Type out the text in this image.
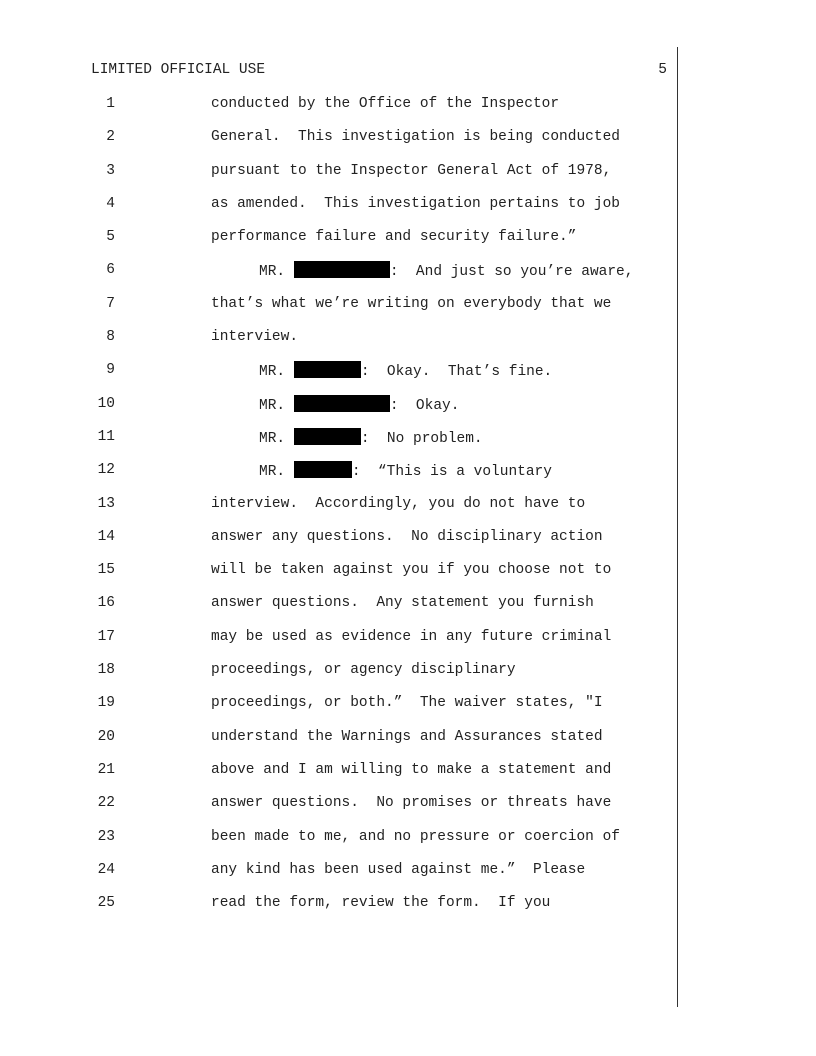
LIMITED OFFICIAL USE	5
1	conducted by the Office of the Inspector
2	General.  This investigation is being conducted
3	pursuant to the Inspector General Act of 1978,
4	as amended.  This investigation pertains to job
5	performance failure and security failure.”
6	MR.	:  And just so you’re aware,
7	that’s what we’re writing on everybody that we
8	interview.
9	MR.	:  Okay.  That’s fine.
10	MR.	:  Okay.
11	MR.	:  No problem.
12	MR.	:  “This is a voluntary
13	interview.  Accordingly, you do not have to
14	answer any questions.  No disciplinary action
15	will be taken against you if you choose not to
16	answer questions.  Any statement you furnish
17	may be used as evidence in any future criminal
18	proceedings, or agency disciplinary
19	proceedings, or both.”  The waiver states, "I
20	understand the Warnings and Assurances stated
21	above and I am willing to make a statement and
22	answer questions.  No promises or threats have
23	been made to me, and no pressure or coercion of
24	any kind has been used against me.”  Please
25	read the form, review the form.  If you
